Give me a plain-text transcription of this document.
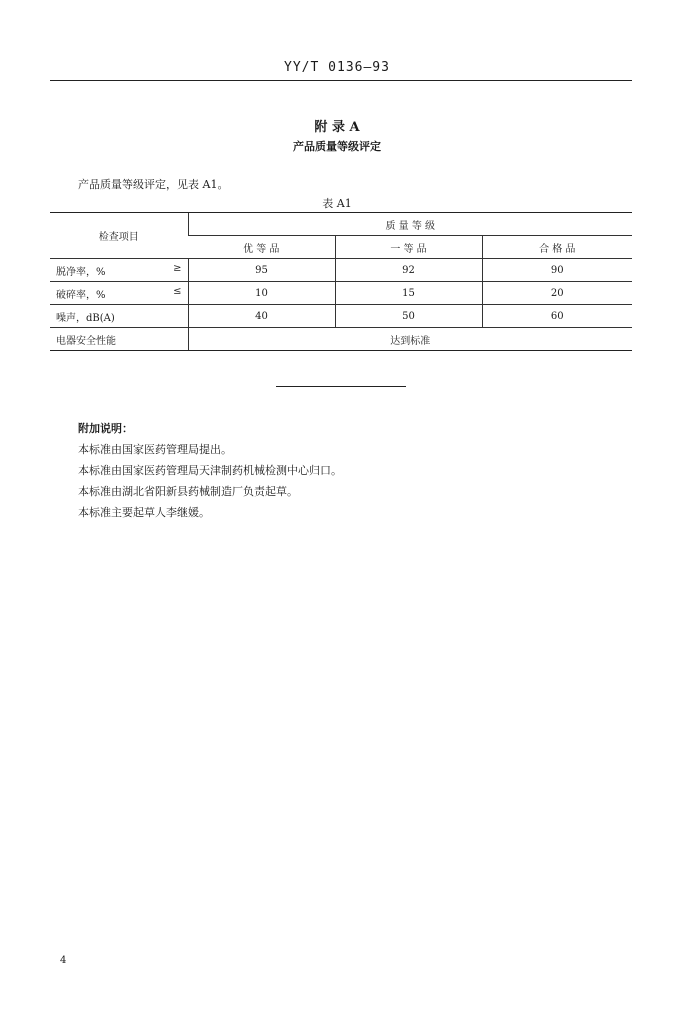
YY/T 0136—93
附 录 A
产品质量等级评定
产品质量等级评定，见表 A1。
表 A1
检查项目	质 量 等 级		
	优 等 品	一 等 品	合 格 品
脱净率，% ≥	95	92	90
破碎率，% ≤	10	15	20
噪声，dB(A)	40	50	60
电器安全性能	达到标准		
附加说明：
本标准由国家医药管理局提出。
本标准由国家医药管理局天津制药机械检测中心归口。
本标准由湖北省阳新县药械制造厂负责起草。
本标准主要起草人李继媛。
4
